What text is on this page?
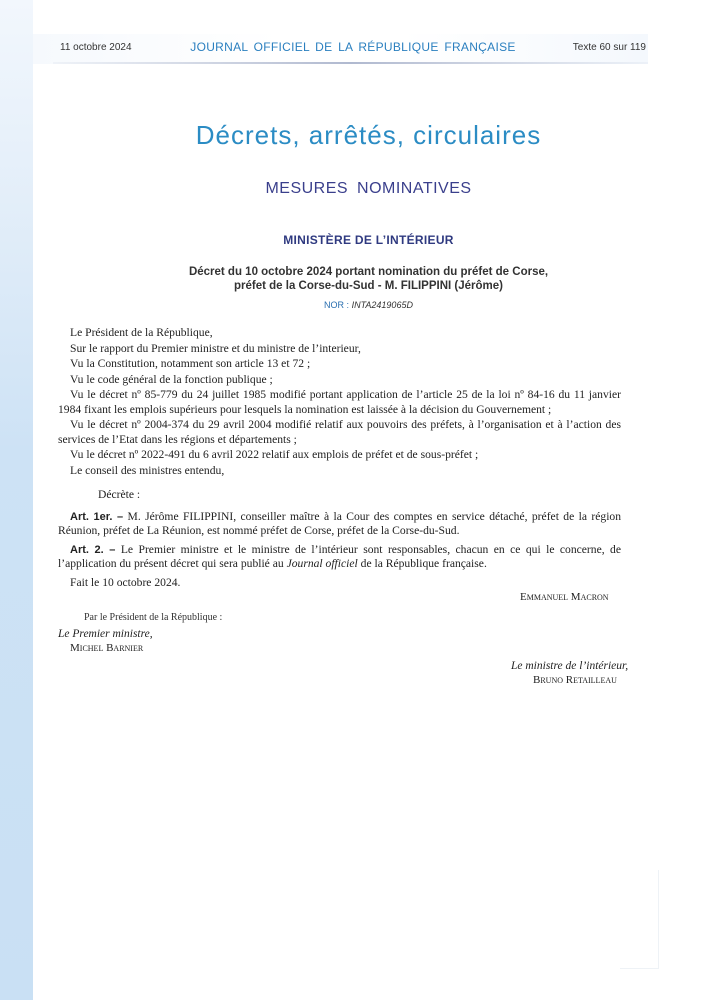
11 octobre 2024	JOURNAL OFFICIEL DE LA RÉPUBLIQUE FRANÇAISE	Texte 60 sur 119
Décrets, arrêtés, circulaires
MESURES NOMINATIVES
MINISTÈRE DE L’INTÉRIEUR
Décret du 10 octobre 2024 portant nomination du préfet de Corse,
préfet de la Corse-du-Sud - M. FILIPPINI (Jérôme)
NOR : INTA2419065D

Le Président de la République,

Sur le rapport du Premier ministre et du ministre de l’interieur,

Vu la Constitution, notamment son article 13 et 72 ;

Vu le code général de la fonction publique ;

Vu le décret nº 85-779 du 24 juillet 1985 modifié portant application de l’article 25 de la loi nº 84-16 du 11 janvier 1984 fixant les emplois supérieurs pour lesquels la nomination est laissée à la décision du Gouvernement ;

Vu le décret nº 2004-374 du 29 avril 2004 modifié relatif aux pouvoirs des préfets, à l’organisation et à l’action des services de l’Etat dans les régions et départements ;

Vu le décret nº 2022-491 du 6 avril 2022 relatif aux emplois de préfet et de sous-préfet ;

Le conseil des ministres entendu,

Décrète :

Art. 1er. – M. Jérôme FILIPPINI, conseiller maître à la Cour des comptes en service détaché, préfet de la région Réunion, préfet de La Réunion, est nommé préfet de Corse, préfet de la Corse-du-Sud.

Art. 2. – Le Premier ministre et le ministre de l’intérieur sont responsables, chacun en ce qui le concerne, de l’application du présent décret qui sera publié au Journal officiel de la République française.

Fait le 10 octobre 2024.

Emmanuel Macron
Par le Président de la République :
Le Premier ministre,
Michel Barnier
Le ministre de l’intérieur,
Bruno Retailleau
